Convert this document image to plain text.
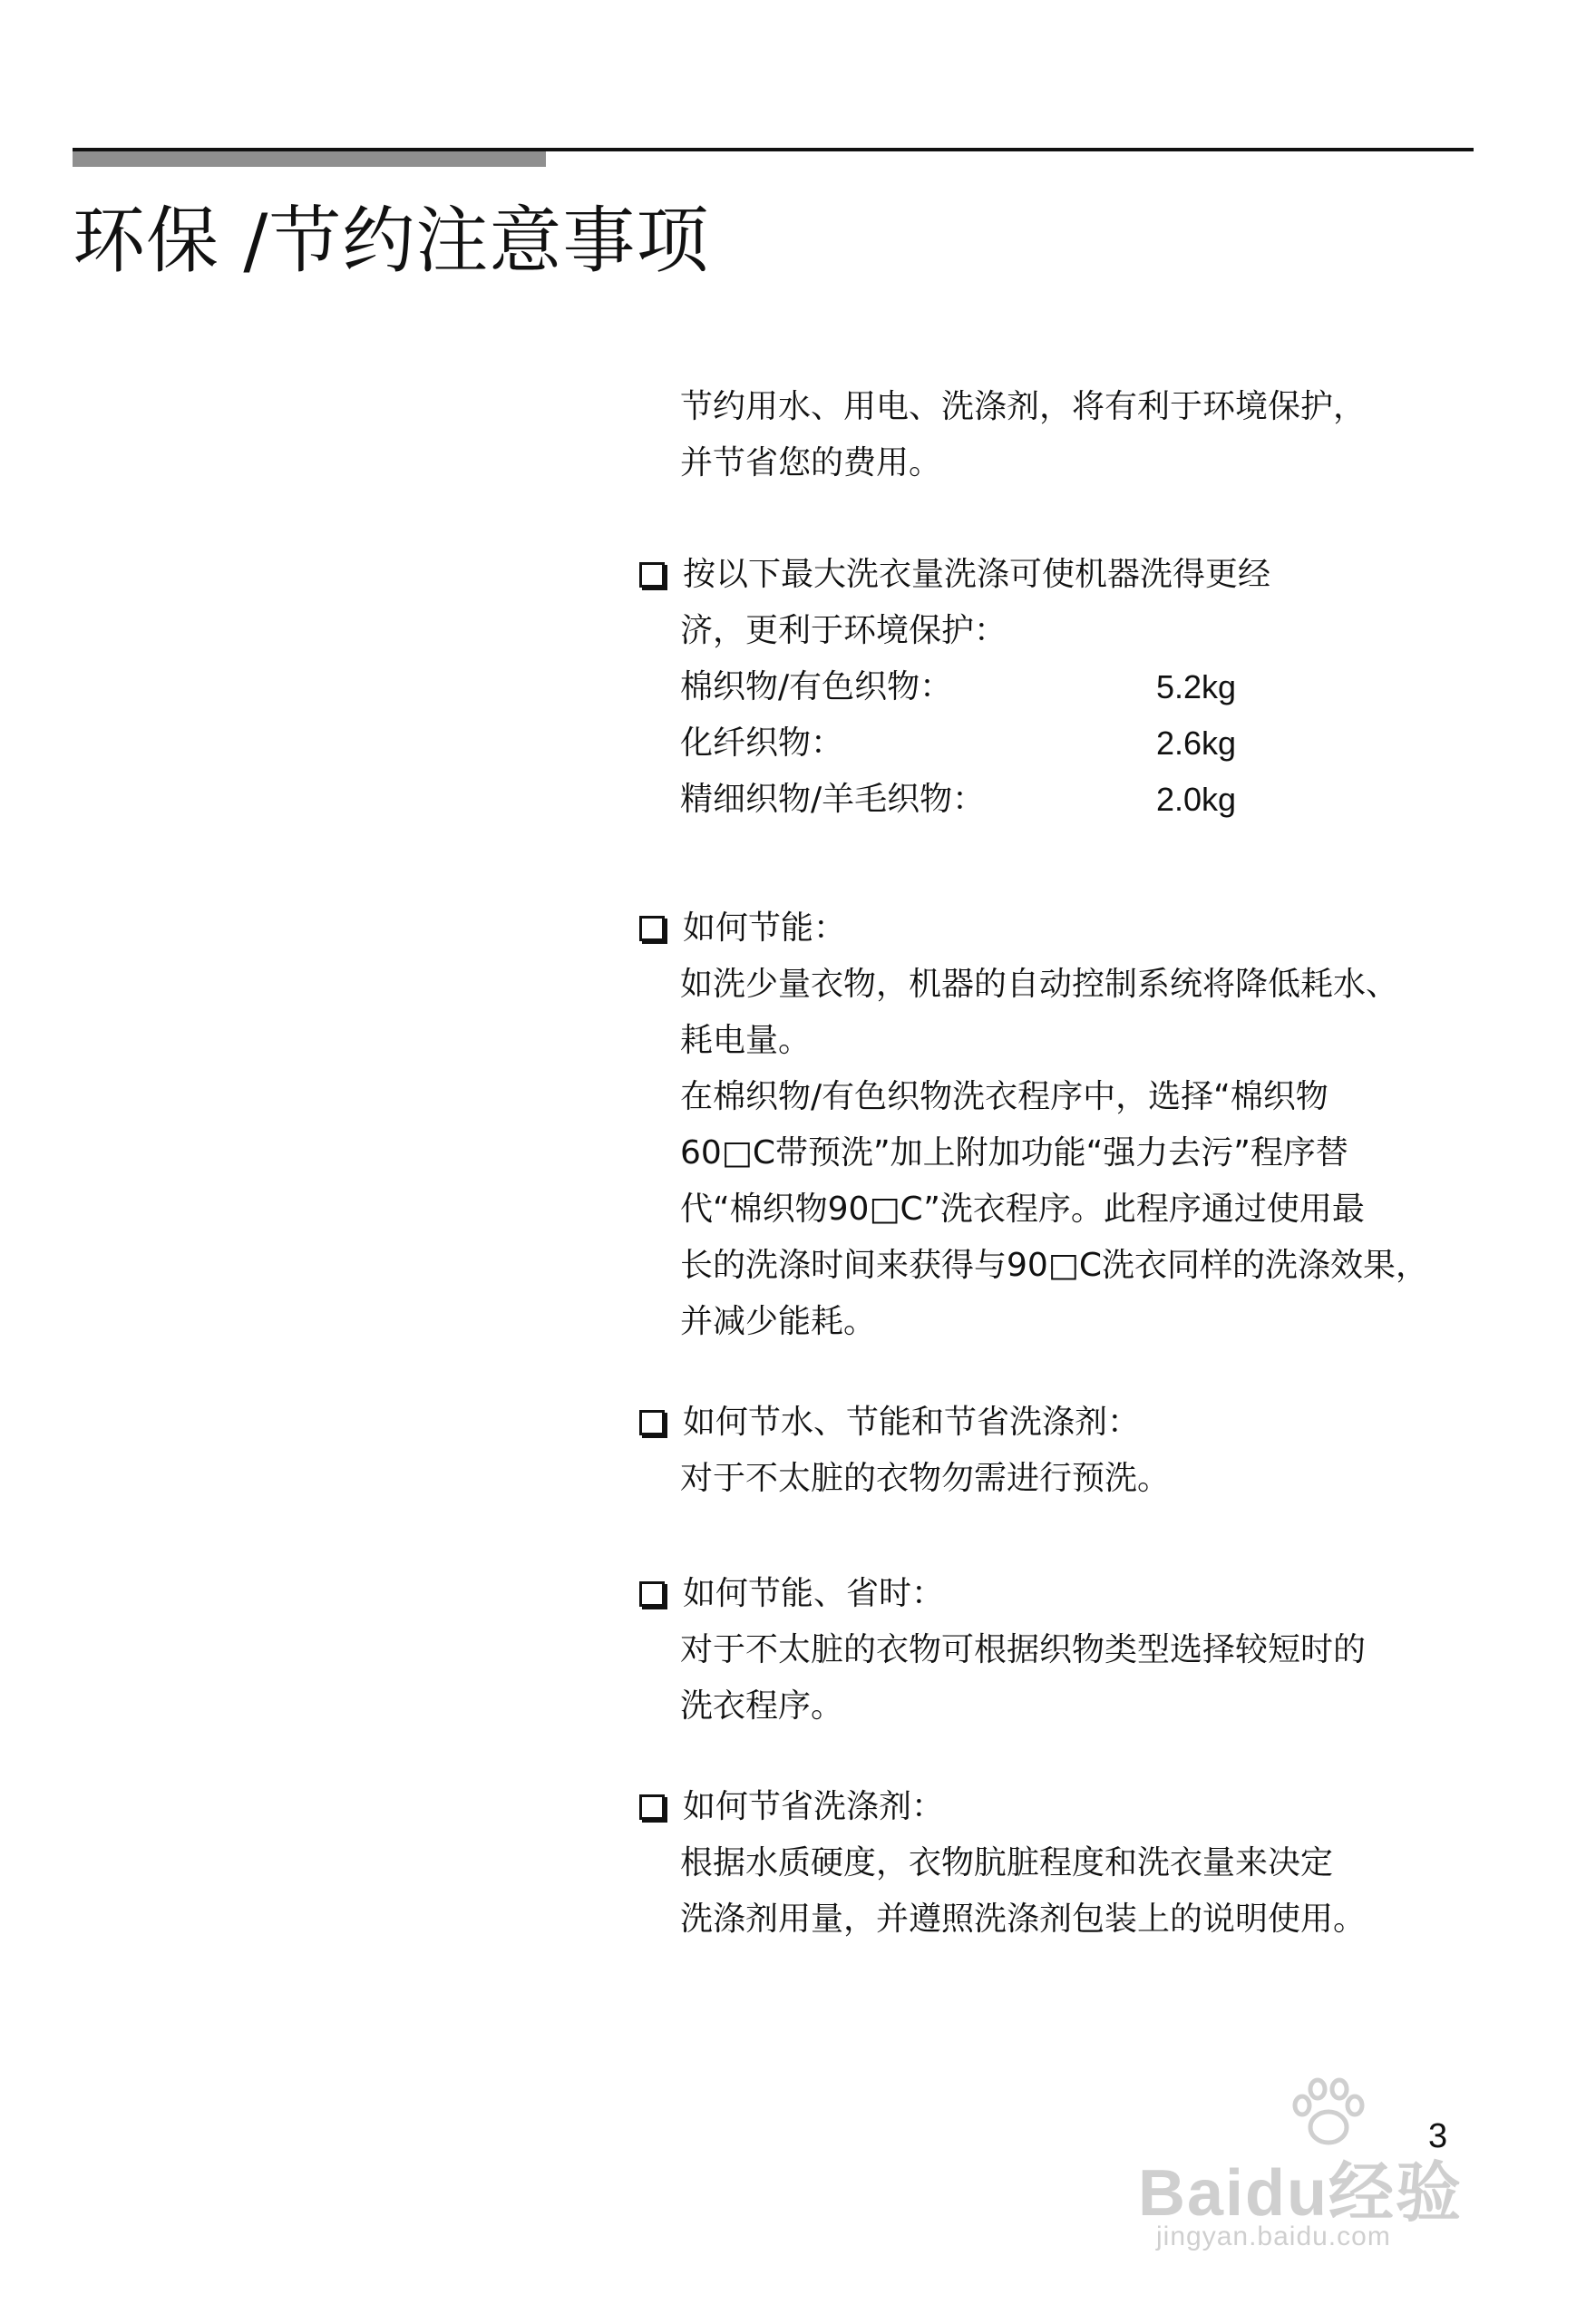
环保 /节约注意事项
节约用水、用电、洗涤剂，将有利于环境保护，
并节省您的费用。
按以下最大洗衣量洗涤可使机器洗得更经
济，更利于环境保护：
棉织物/有色织物：	5.2kg
化纤织物：	2.6kg
精细织物/羊毛织物：	2.0kg
如何节能：
如洗少量衣物，机器的自动控制系统将降低耗水、
耗电量。
在棉织物/有色织物洗衣程序中，选择“棉织物
60□C带预洗”加上附加功能“强力去污”程序替
代“棉织物90□C”洗衣程序。此程序通过使用最
长的洗涤时间来获得与90□C洗衣同样的洗涤效果，
并减少能耗。
如何节水、节能和节省洗涤剂：
对于不太脏的衣物勿需进行预洗。
如何节能、省时：
对于不太脏的衣物可根据织物类型选择较短时的
洗衣程序。
如何节省洗涤剂：
根据水质硬度，衣物肮脏程度和洗衣量来决定
洗涤剂用量，并遵照洗涤剂包装上的说明使用。
Baidu经验
jingyan.baidu.com
3
